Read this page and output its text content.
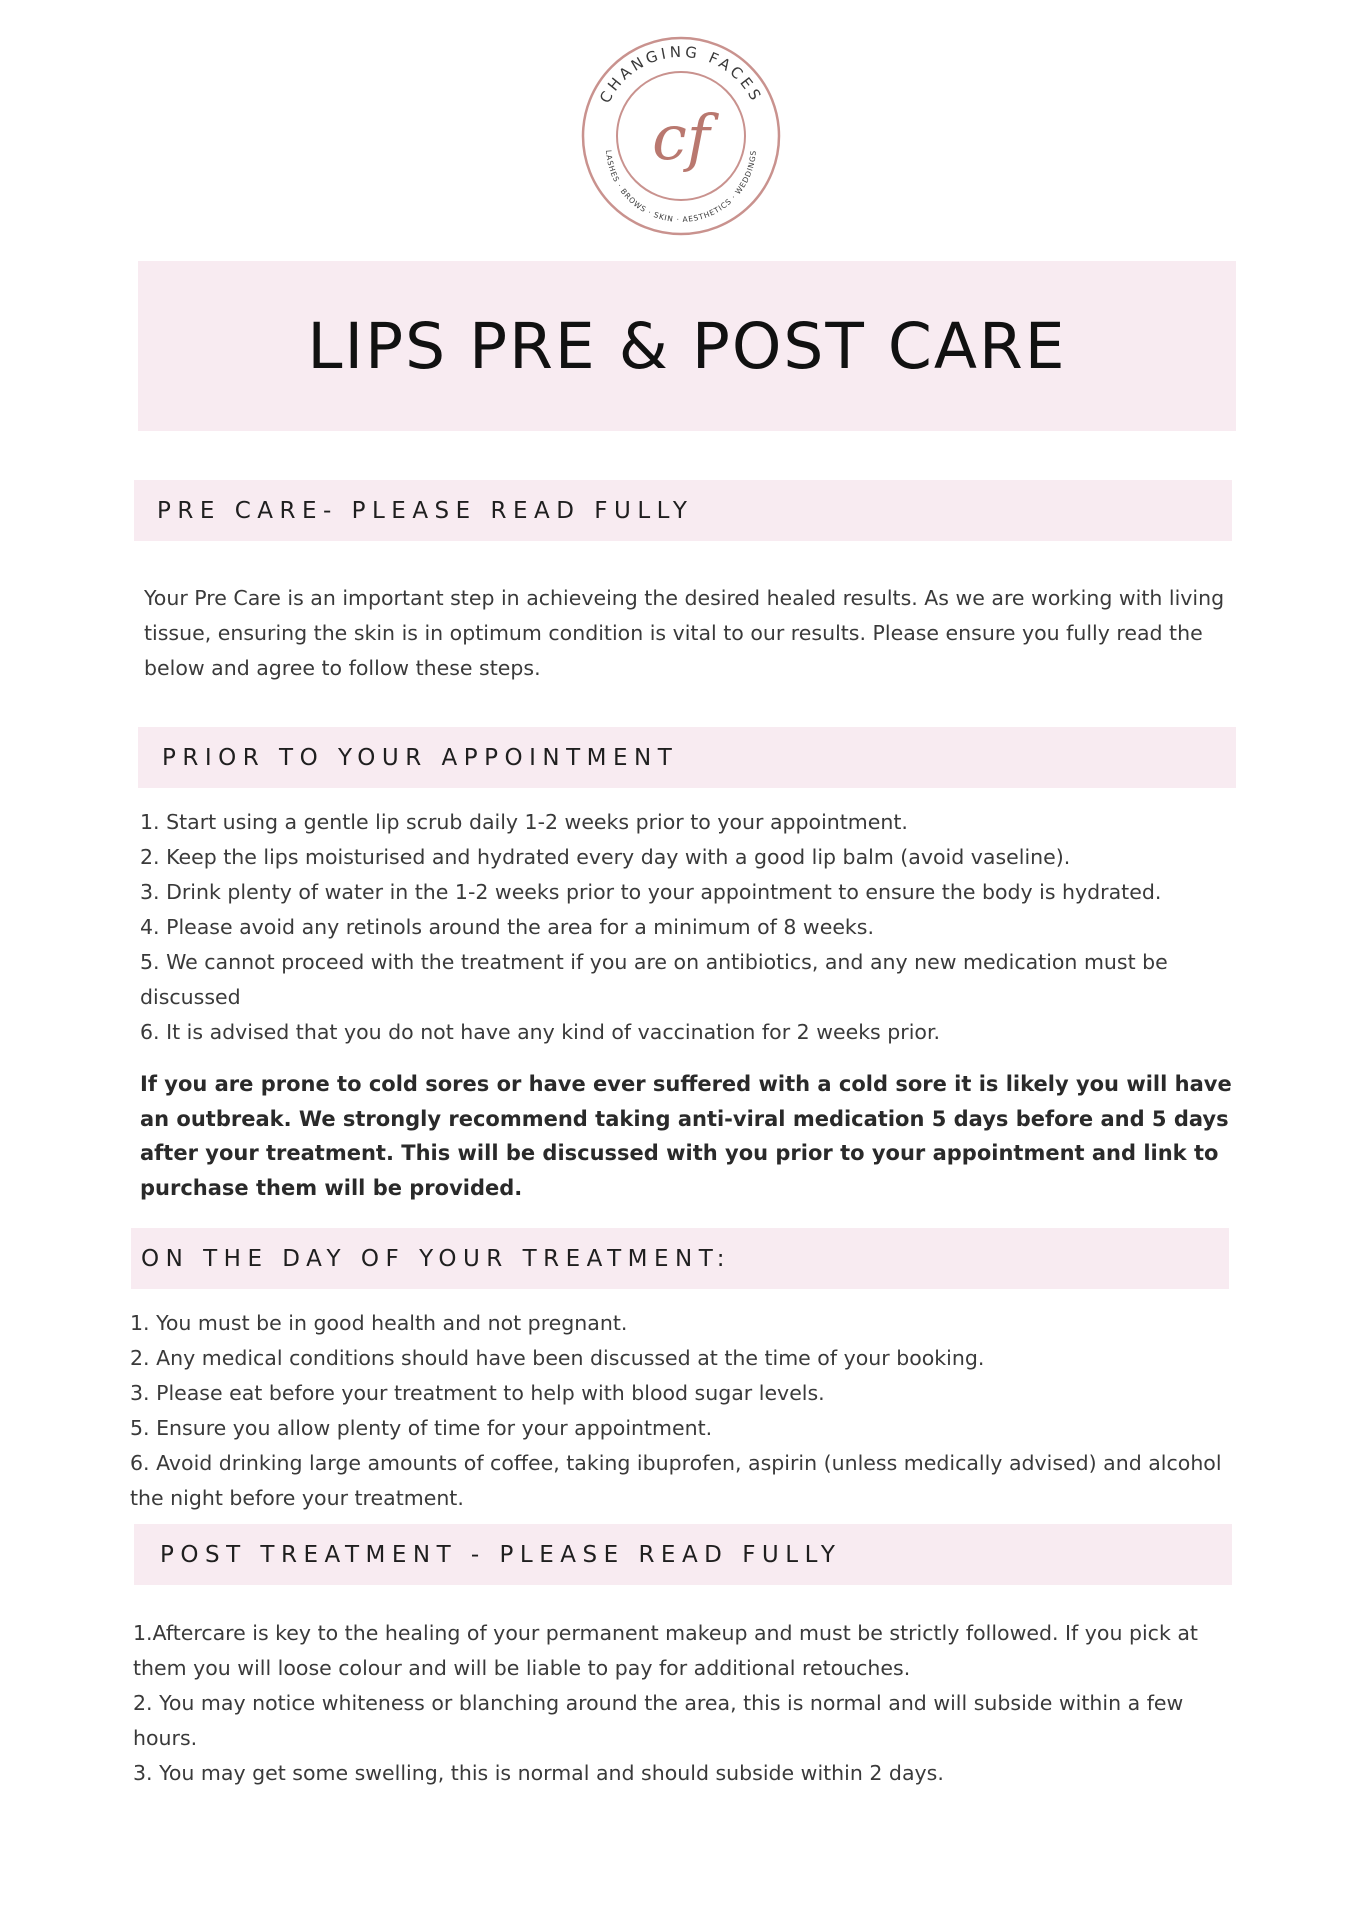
CHANGING FACES
LASHES · BROWS · SKIN · AESTHETICS · WEDDINGS
cf
LIPS PRE & POST CARE
PRE CARE- PLEASE READ FULLY

Your Pre Care is an important step in achieveing the desired healed results. As we are working with living tissue, ensuring the skin is in optimum condition is vital to our results. Please ensure you fully read the below and agree to follow these steps.

PRIOR TO YOUR APPOINTMENT

1. Start using a gentle lip scrub daily 1-2 weeks prior to your appointment.

2. Keep the lips moisturised and hydrated every day with a good lip balm (avoid vaseline).

3. Drink plenty of water in the 1-2 weeks prior to your appointment to ensure the body is hydrated.

4. Please avoid any retinols around the area for a minimum of 8 weeks.

5. We cannot proceed with the treatment if you are on antibiotics, and any new medication must be discussed

6. It is advised that you do not have any kind of vaccination for 2 weeks prior.

If you are prone to cold sores or have ever suffered with a cold sore it is likely you will have an outbreak. We strongly recommend taking anti-viral medication 5 days before and 5 days after your treatment. This will be discussed with you prior to your appointment and link to purchase them will be provided.

ON THE DAY OF YOUR TREATMENT:

1. You must be in good health and not pregnant.

2. Any medical conditions should have been discussed at the time of your booking.

3. Please eat before your treatment to help with blood sugar levels.

5. Ensure you allow plenty of time for your appointment.

6. Avoid drinking large amounts of coffee, taking ibuprofen, aspirin (unless medically advised) and alcohol the night before your treatment.

POST TREATMENT - PLEASE READ FULLY

1.Aftercare is key to the healing of your permanent makeup and must be strictly followed. If you pick at them you will loose colour and will be liable to pay for additional retouches.

2. You may notice whiteness or blanching around the area, this is normal and will subside within a few hours.

3. You may get some swelling, this is normal and should subside within 2 days.
